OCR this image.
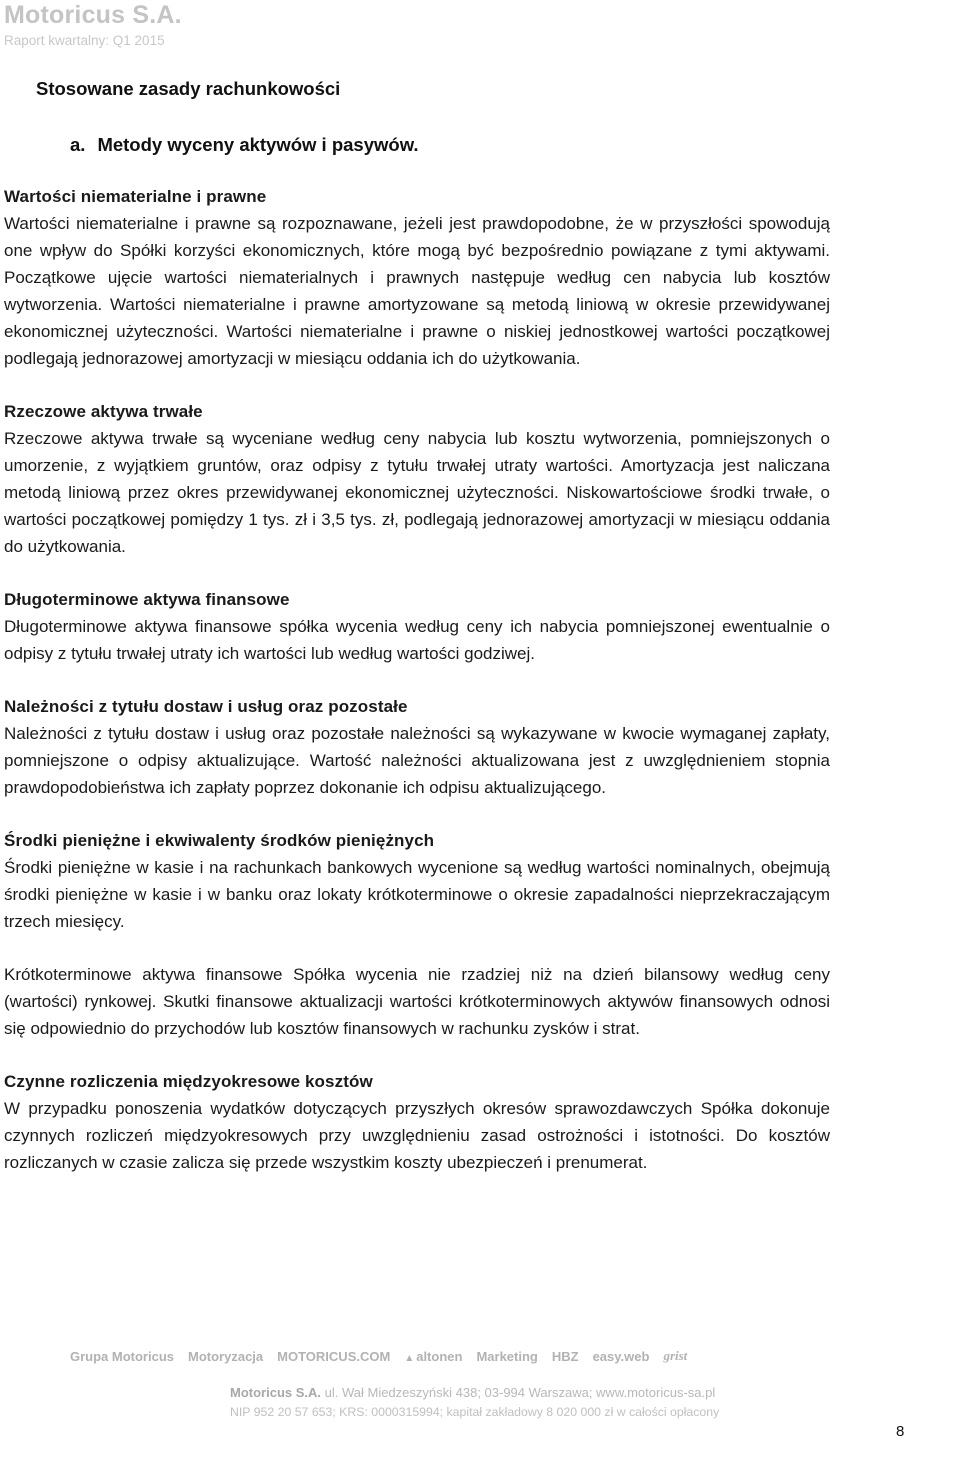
Motoricus S.A.
Raport kwartalny: Q1 2015
Stosowane zasady rachunkowości
a. Metody wyceny aktywów i pasywów.

Wartości niematerialne i prawne

Wartości niematerialne i prawne są rozpoznawane, jeżeli jest prawdopodobne, że w przyszłości spowodują one wpływ do Spółki korzyści ekonomicznych, które mogą być bezpośrednio powiązane z tymi aktywami. Początkowe ujęcie wartości niematerialnych i prawnych następuje według cen nabycia lub kosztów wytworzenia. Wartości niematerialne i prawne amortyzowane są metodą liniową w okresie przewidywanej ekonomicznej użyteczności. Wartości niematerialne i prawne o niskiej jednostkowej wartości początkowej podlegają jednorazowej amortyzacji w miesiącu oddania ich do użytkowania.

Rzeczowe aktywa trwałe

Rzeczowe aktywa trwałe są wyceniane według ceny nabycia lub kosztu wytworzenia, pomniejszonych o umorzenie, z wyjątkiem gruntów, oraz odpisy z tytułu trwałej utraty wartości. Amortyzacja jest naliczana metodą liniową przez okres przewidywanej ekonomicznej użyteczności. Niskowartościowe środki trwałe, o wartości początkowej pomiędzy 1 tys. zł i 3,5 tys. zł, podlegają jednorazowej amortyzacji w miesiącu oddania do użytkowania.

Długoterminowe aktywa finansowe

Długoterminowe aktywa finansowe spółka wycenia według ceny ich nabycia pomniejszonej ewentualnie o odpisy z tytułu trwałej utraty ich wartości lub według wartości godziwej.

Należności z tytułu dostaw i usług oraz pozostałe

Należności z tytułu dostaw i usług oraz pozostałe należności są wykazywane w kwocie wymaganej zapłaty, pomniejszone o odpisy aktualizujące. Wartość należności aktualizowana jest z uwzględnieniem stopnia prawdopodobieństwa ich zapłaty poprzez dokonanie ich odpisu aktualizującego.

Środki pieniężne i ekwiwalenty środków pieniężnych

Środki pieniężne w kasie i na rachunkach bankowych wycenione są według wartości nominalnych, obejmują środki pieniężne w kasie i w banku oraz lokaty krótkoterminowe o okresie zapadalności nieprzekraczającym trzech miesięcy.

Krótkoterminowe aktywa finansowe Spółka wycenia nie rzadziej niż na dzień bilansowy według ceny (wartości) rynkowej. Skutki finansowe aktualizacji wartości krótkoterminowych aktywów finansowych odnosi się odpowiednio do przychodów lub kosztów finansowych w rachunku zysków i strat.

Czynne rozliczenia międzyokresowe kosztów

W przypadku ponoszenia wydatków dotyczących przyszłych okresów sprawozdawczych Spółka dokonuje czynnych rozliczeń międzyokresowych przy uwzględnieniu zasad ostrożności i istotności. Do kosztów rozliczanych w czasie zalicza się przede wszystkim koszty ubezpieczeń i prenumerat.

Grupa Motoricus Motoryzacja MOTORICUS.COM
▲	altonen Marketing HBZ easy.web grist
Motoricus S.A. ul. Wał Miedzeszyński 438; 03-994 Warszawa; www.motoricus-sa.pl
NIP 952 20 57 653; KRS: 0000315994; kapitał zakładowy 8 020 000 zł w całości opłacony
8
